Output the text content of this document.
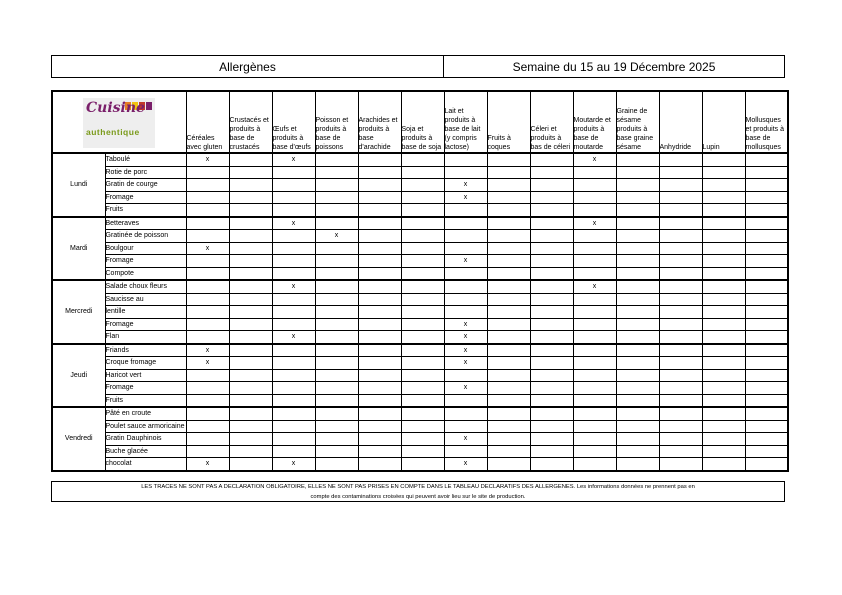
Allergènes	Semaine du 15 au 19 Décembre 2025
Cuisine
authentique		Céréales avec gluten	Crustacés et produits à base de crustacés	Œufs et produits à base d'œufs	Poisson et produits à base de poissons	Arachides et produits à base d'arachide	Soja et produits à base de soja	Lait et produits à base de lait (y compris lactose)	Fruits à coques	Céleri et produits à bas de céleri	Moutarde et produits à base de moutarde	Graine de sésame produits à base graine sésame	Anhydride	Lupin	Mollusques et produits à base de mollusques
Lundi	Taboulé	x		x							x				
	Rotie de porc														
	Gratin de courge							x							
	Fromage							x							
	Fruits														
Mardi	Betteraves			x							x				
	Gratinée de poisson				x										
	Boulgour	x													
	Fromage							x							
	Compote														
Mercredi	Salade choux fleurs			x							x				
	Saucisse au														
	lentille														
	Fromage							x							
	Flan			x				x							
Jeudi	Friands	x						x							
	Croque fromage	x						x							
	Haricot vert														
	Fromage							x							
	Fruits														
Vendredi	Pâté en croute														
	Poulet sauce armoricaine														
	Gratin Dauphinois							x							
	Buche glacée														
	chocolat	x		x				x							
LES TRACES NE SONT PAS A DECLARATION OBLIGATOIRE, ELLES NE SONT PAS PRISES EN COMPTE DANS LE TABLEAU DECLARATIFS DES ALLERGENES. Les informations données ne prennent pas en
compte des contaminations croisées qui peuvent avoir lieu sur le site de production.
